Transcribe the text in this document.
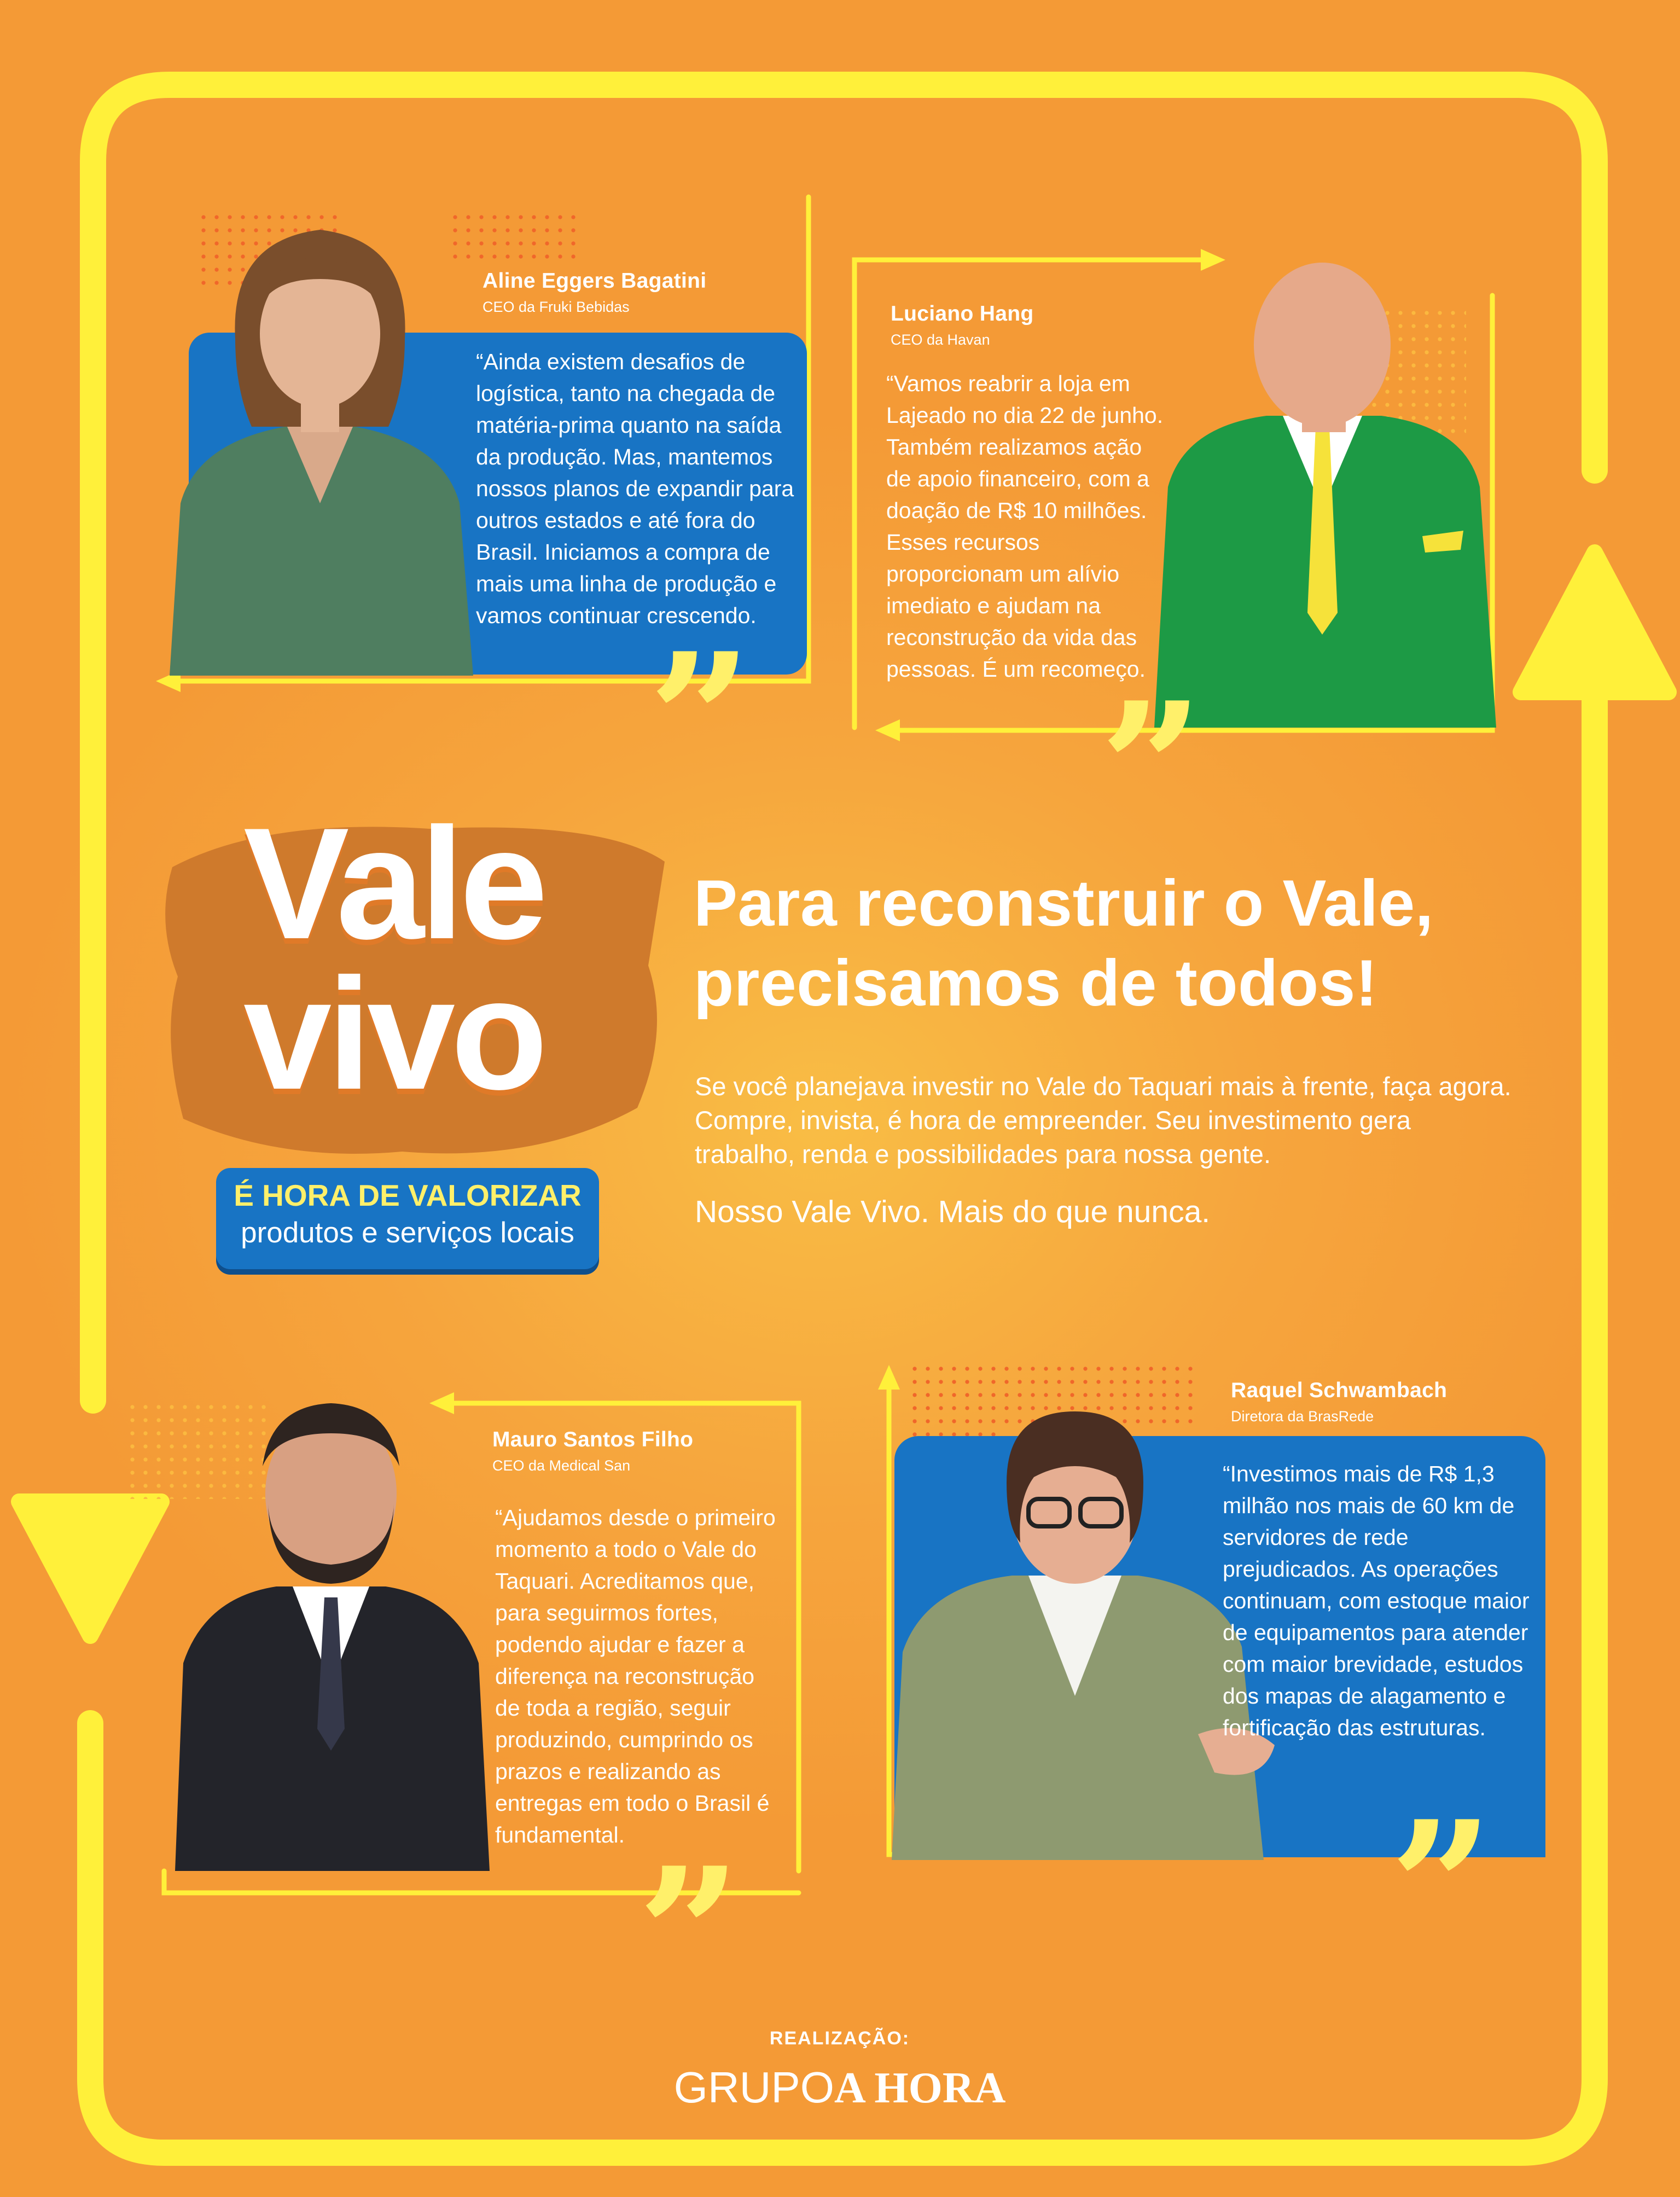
Aline Eggers Bagatini
CEO da Fruki Bebidas
“Ainda existem desafios de
logística, tanto na chegada de
matéria-prima quanto na saída
da produção. Mas, mantemos
nossos planos de expandir para
outros estados e até fora do
Brasil. Iniciamos a compra de
mais uma linha de produção e
vamos continuar crescendo.
”
Luciano Hang
CEO da Havan
“Vamos reabrir a loja em
Lajeado no dia 22 de junho.
Também realizamos ação
de apoio financeiro, com a
doação de R$ 10 milhões.
Esses recursos
proporcionam um alívio
imediato e ajudam na
reconstrução da vida das
pessoas. É um recomeço.
”
Vale
vivo
É HORA DE VALORIZAR
produtos e serviços locais
Para reconstruir o Vale,
precisamos de todos!
Se você planejava investir no Vale do Taquari mais à frente, faça agora.
Compre, invista, é hora de empreender. Seu investimento gera
trabalho, renda e possibilidades para nossa gente.
Nosso Vale Vivo. Mais do que nunca.
Mauro Santos Filho
CEO da Medical San
“Ajudamos desde o primeiro
momento a todo o Vale do
Taquari. Acreditamos que,
para seguirmos fortes,
podendo ajudar e fazer a
diferença na reconstrução
de toda a região, seguir
produzindo, cumprindo os
prazos e realizando as
entregas em todo o Brasil é
fundamental. ”
Raquel Schwambach
Diretora da BrasRede
“Investimos mais de R$ 1,3
milhão nos mais de 60 km de
servidores de rede
prejudicados. As operações
continuam, com estoque maior
de equipamentos para atender
com maior brevidade, estudos
dos mapas de alagamento e
fortificação das estruturas.
”
REALIZAÇÃO:
GRUPOA HORA
